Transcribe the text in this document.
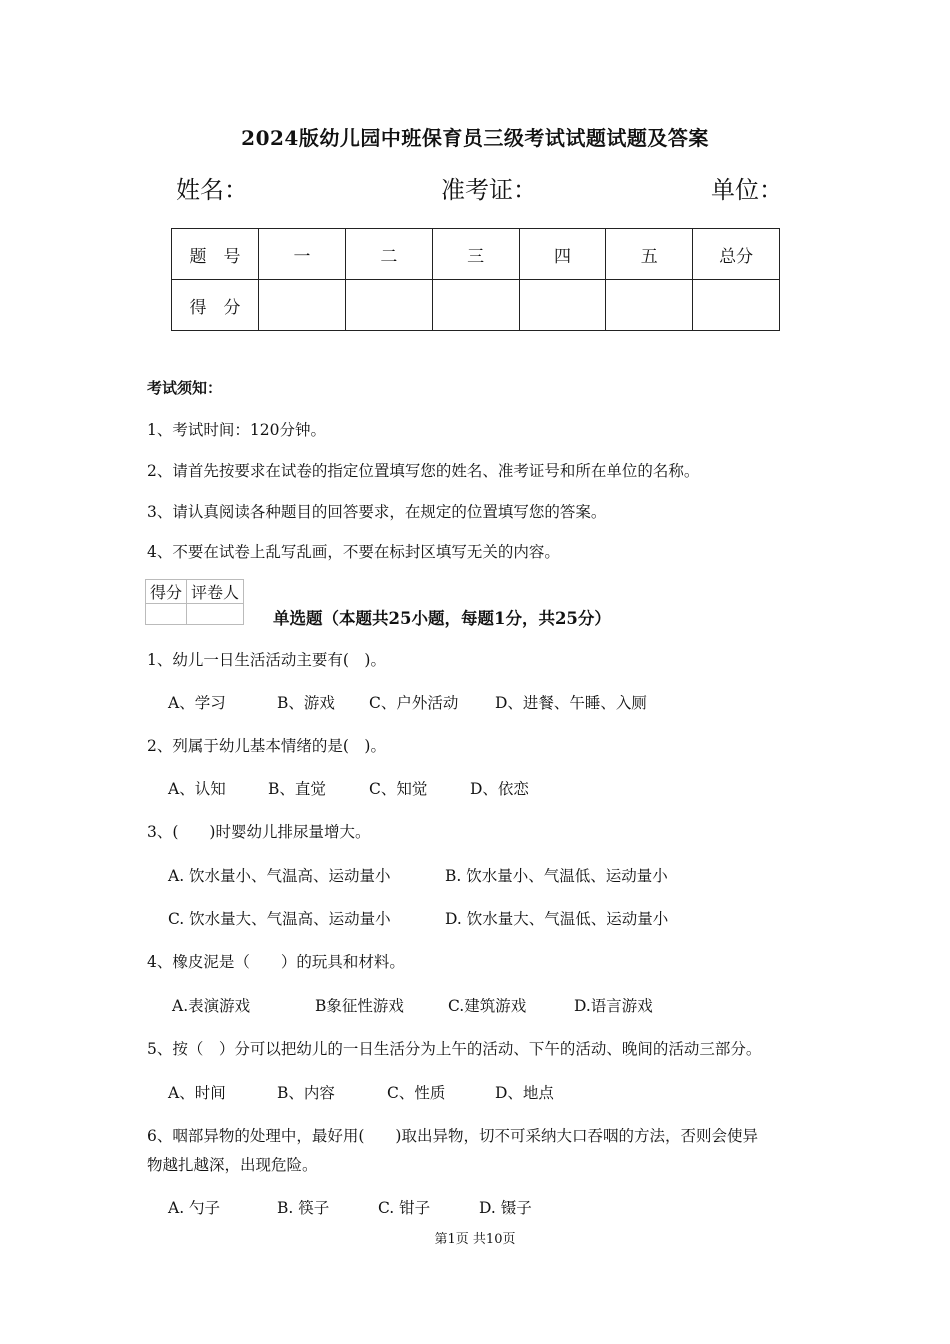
2024版幼儿园中班保育员三级考试试题试题及答案
姓名：	准考证：	单位：
题　号	一	二	三	四	五	总分
得　分						
考试须知：
1、考试时间：120分钟。
2、请首先按要求在试卷的指定位置填写您的姓名、准考证号和所在单位的名称。
3、请认真阅读各种题目的回答要求，在规定的位置填写您的答案。
4、不要在试卷上乱写乱画，不要在标封区填写无关的内容。
得分	评卷人

单选题（本题共25小题，每题1分，共25分）
1、幼儿一日生活活动主要有(　)。
A、学习	B、游戏 C、户外活动 D、进餐、午睡、入厕
2、列属于幼儿基本情绪的是(　)。
A、认知	B、直觉	C、知觉	D、依恋
3、(　　)时婴幼儿排尿量增大。
A. 饮水量小、气温高、运动量小	B. 饮水量小、气温低、运动量小
C. 饮水量大、气温高、运动量小	D. 饮水量大、气温低、运动量小
4、橡皮泥是（　　）的玩具和材料。
A.表演游戏	B象征性游戏	C.建筑游戏	D.语言游戏
5、按（　）分可以把幼儿的一日生活分为上午的活动、下午的活动、晚间的活动三部分。
A、时间	B、内容	C、性质	D、地点
6、咽部异物的处理中，最好用(　　)取出异物，切不可采纳大口吞咽的方法，否则会使异
物越扎越深，出现危险。
A. 勺子	B. 筷子	C. 钳子	D. 镊子
第1页 共10页
